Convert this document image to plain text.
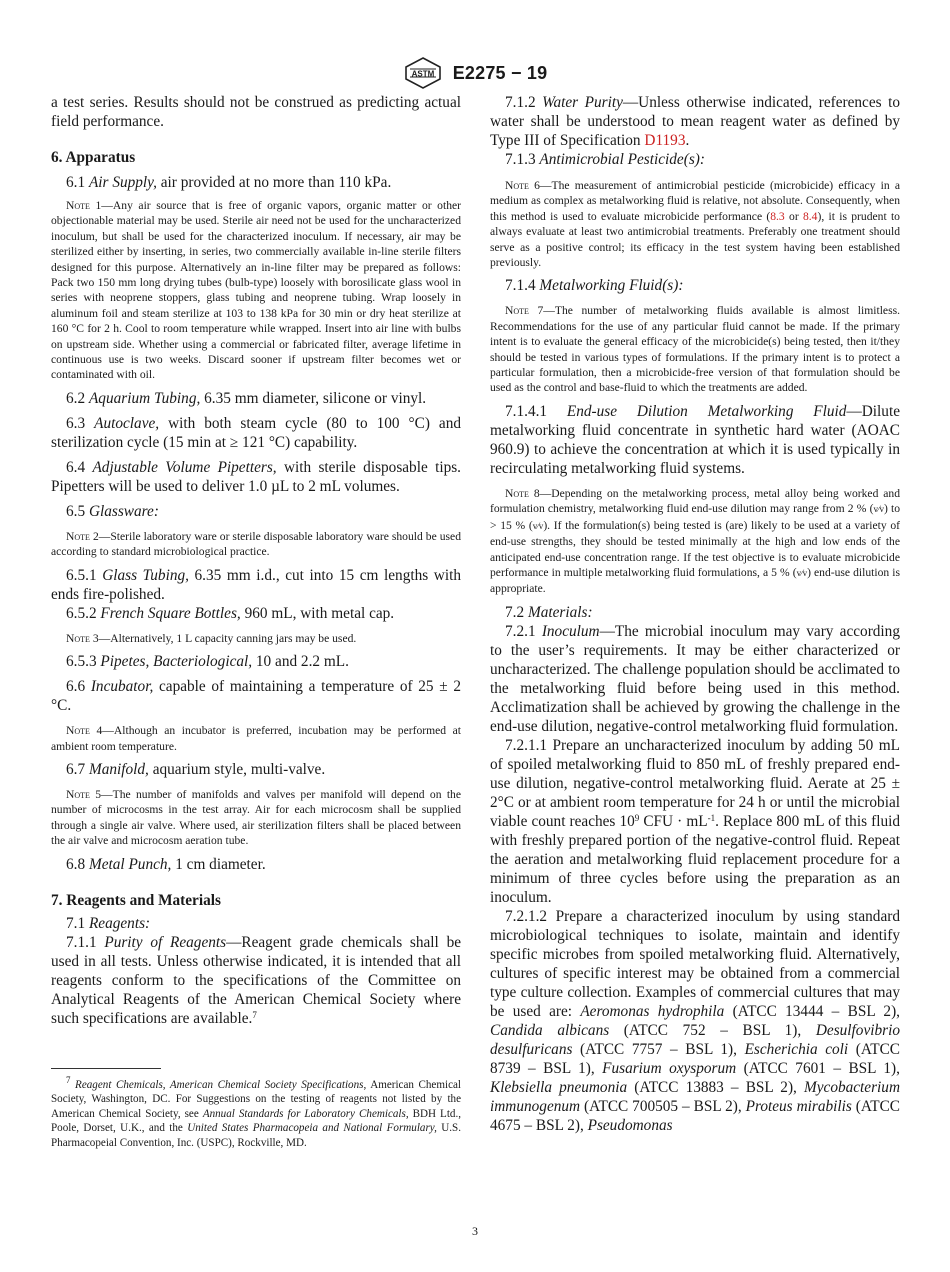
ASTM E2275 − 19

a test series. Results should not be construed as predicting actual field performance.

6. Apparatus

6.1 Air Supply, air provided at no more than 110 kPa.

Note 1—Any air source that is free of organic vapors, organic matter or other objectionable material may be used. Sterile air need not be used for the uncharacterized inoculum, but shall be used for the characterized inoculum. If necessary, air may be sterilized either by inserting, in series, two commercially available in-line sterile filters designed for this purpose. Alternatively an in-line filter may be prepared as follows: Pack two 150 mm long drying tubes (bulb-type) loosely with borosilicate glass wool in series with neoprene stoppers, glass tubing and neoprene tubing. Wrap loosely in aluminum foil and steam sterilize at 103 to 138 kPa for 30 min or dry heat sterilize at 160 °C for 2 h. Cool to room temperature while wrapped. Insert into air line with bulbs on upstream side. Whether using a commercial or fabricated filter, average lifetime in continuous use is two weeks. Discard sooner if upstream filter becomes wet or contaminated with oil.

6.2 Aquarium Tubing, 6.35 mm diameter, silicone or vinyl.

6.3 Autoclave, with both steam cycle (80 to 100 °C) and sterilization cycle (15 min at ≥ 121 °C) capability.

6.4 Adjustable Volume Pipetters, with sterile disposable tips. Pipetters will be used to deliver 1.0 µL to 2 mL volumes.

6.5 Glassware:

Note 2—Sterile laboratory ware or sterile disposable laboratory ware should be used according to standard microbiological practice.

6.5.1 Glass Tubing, 6.35 mm i.d., cut into 15 cm lengths with ends fire-polished.

6.5.2 French Square Bottles, 960 mL, with metal cap.

Note 3—Alternatively, 1 L capacity canning jars may be used.

6.5.3 Pipetes, Bacteriological, 10 and 2.2 mL.

6.6 Incubator, capable of maintaining a temperature of 25 ± 2 °C.

Note 4—Although an incubator is preferred, incubation may be performed at ambient room temperature.

6.7 Manifold, aquarium style, multi-valve.

Note 5—The number of manifolds and valves per manifold will depend on the number of microcosms in the test array. Air for each microcosm shall be supplied through a single air valve. Where used, air sterilization filters shall be placed between the air valve and microcosm aeration tube.

6.8 Metal Punch, 1 cm diameter.

7. Reagents and Materials

7.1 Reagents:

7.1.1 Purity of Reagents—Reagent grade chemicals shall be used in all tests. Unless otherwise indicated, it is intended that all reagents conform to the specifications of the Committee on Analytical Reagents of the American Chemical Society where such specifications are available.$^7$

$^7$ Reagent Chemicals, American Chemical Society Specifications, American Chemical Society, Washington, DC. For Suggestions on the testing of reagents not listed by the American Chemical Society, see Annual Standards for Laboratory Chemicals, BDH Ltd., Poole, Dorset, U.K., and the United States Pharmacopeia and National Formulary, U.S. Pharmacopeial Convention, Inc. (USPC), Rockville, MD.

7.1.2 Water Purity—Unless otherwise indicated, references to water shall be understood to mean reagent water as defined by Type III of Specification D1193.

7.1.3 Antimicrobial Pesticide(s):

Note 6—The measurement of antimicrobial pesticide (microbicide) efficacy in a medium as complex as metalworking fluid is relative, not absolute. Consequently, when this method is used to evaluate microbicide performance (8.3 or 8.4), it is prudent to always evaluate at least two antimicrobial treatments. Preferably one treatment should serve as a positive control; its efficacy in the test system having been established previously.

7.1.4 Metalworking Fluid(s):

Note 7—The number of metalworking fluids available is almost limitless. Recommendations for the use of any particular fluid cannot be made. If the primary intent is to evaluate the general efficacy of the microbicide(s) being tested, then it/they should be tested in various types of formulations. If the primary intent is to protect a particular formulation, then a microbicide-free version of that formulation should be used as the control and base-fluid to which the treatments are added.

7.1.4.1 End-use Dilution Metalworking Fluid—Dilute metalworking fluid concentrate in synthetic hard water (AOAC 960.9) to achieve the concentration at which it is used typically in recirculating metalworking fluid systems.

Note 8—Depending on the metalworking process, metal alloy being worked and formulation chemistry, metalworking fluid end-use dilution may range from 2 % (v⁄v) to > 15 % (v⁄v). If the formulation(s) being tested is (are) likely to be used at a variety of end-use strengths, they should be tested minimally at the high and low ends of the anticipated end-use concentration range. If the test objective is to evaluate microbicide performance in multiple metalworking fluid formulations, a 5 % (v⁄v) end-use dilution is appropriate.

7.2 Materials:

7.2.1 Inoculum—The microbial inoculum may vary according to the user’s requirements. It may be either characterized or uncharacterized. The challenge population should be acclimated to the metalworking fluid before being used in this method. Acclimatization shall be achieved by growing the challenge in the end-use dilution, negative-control metalworking fluid formulation.

7.2.1.1 Prepare an uncharacterized inoculum by adding 50 mL of spoiled metalworking fluid to 850 mL of freshly prepared end-use dilution, negative-control metalworking fluid. Aerate at 25 ± 2°C or at ambient room temperature for 24 h or until the microbial viable count reaches $10^9$ CFU · $mL^{-1}$. Replace 800 mL of this fluid with freshly prepared portion of the negative-control fluid. Repeat the aeration and metalworking fluid replacement procedure for a minimum of three cycles before using the preparation as an inoculum.

7.2.1.2 Prepare a characterized inoculum by using standard microbiological techniques to isolate, maintain and identify specific microbes from spoiled metalworking fluid. Alternatively, cultures of specific interest may be obtained from a commercial type culture collection. Examples of commercial cultures that may be used are: Aeromonas hydrophila (ATCC 13444 – BSL 2), Candida albicans (ATCC 752 – BSL 1), Desulfovibrio desulfuricans (ATCC 7757 – BSL 1), Escherichia coli (ATCC 8739 – BSL 1), Fusarium oxysporum (ATCC 7601 – BSL 1), Klebsiella pneumonia (ATCC 13883 – BSL 2), Mycobacterium immunogenum (ATCC 700505 – BSL 2), Proteus mirabilis (ATCC 4675 – BSL 2), Pseudomonas

3
